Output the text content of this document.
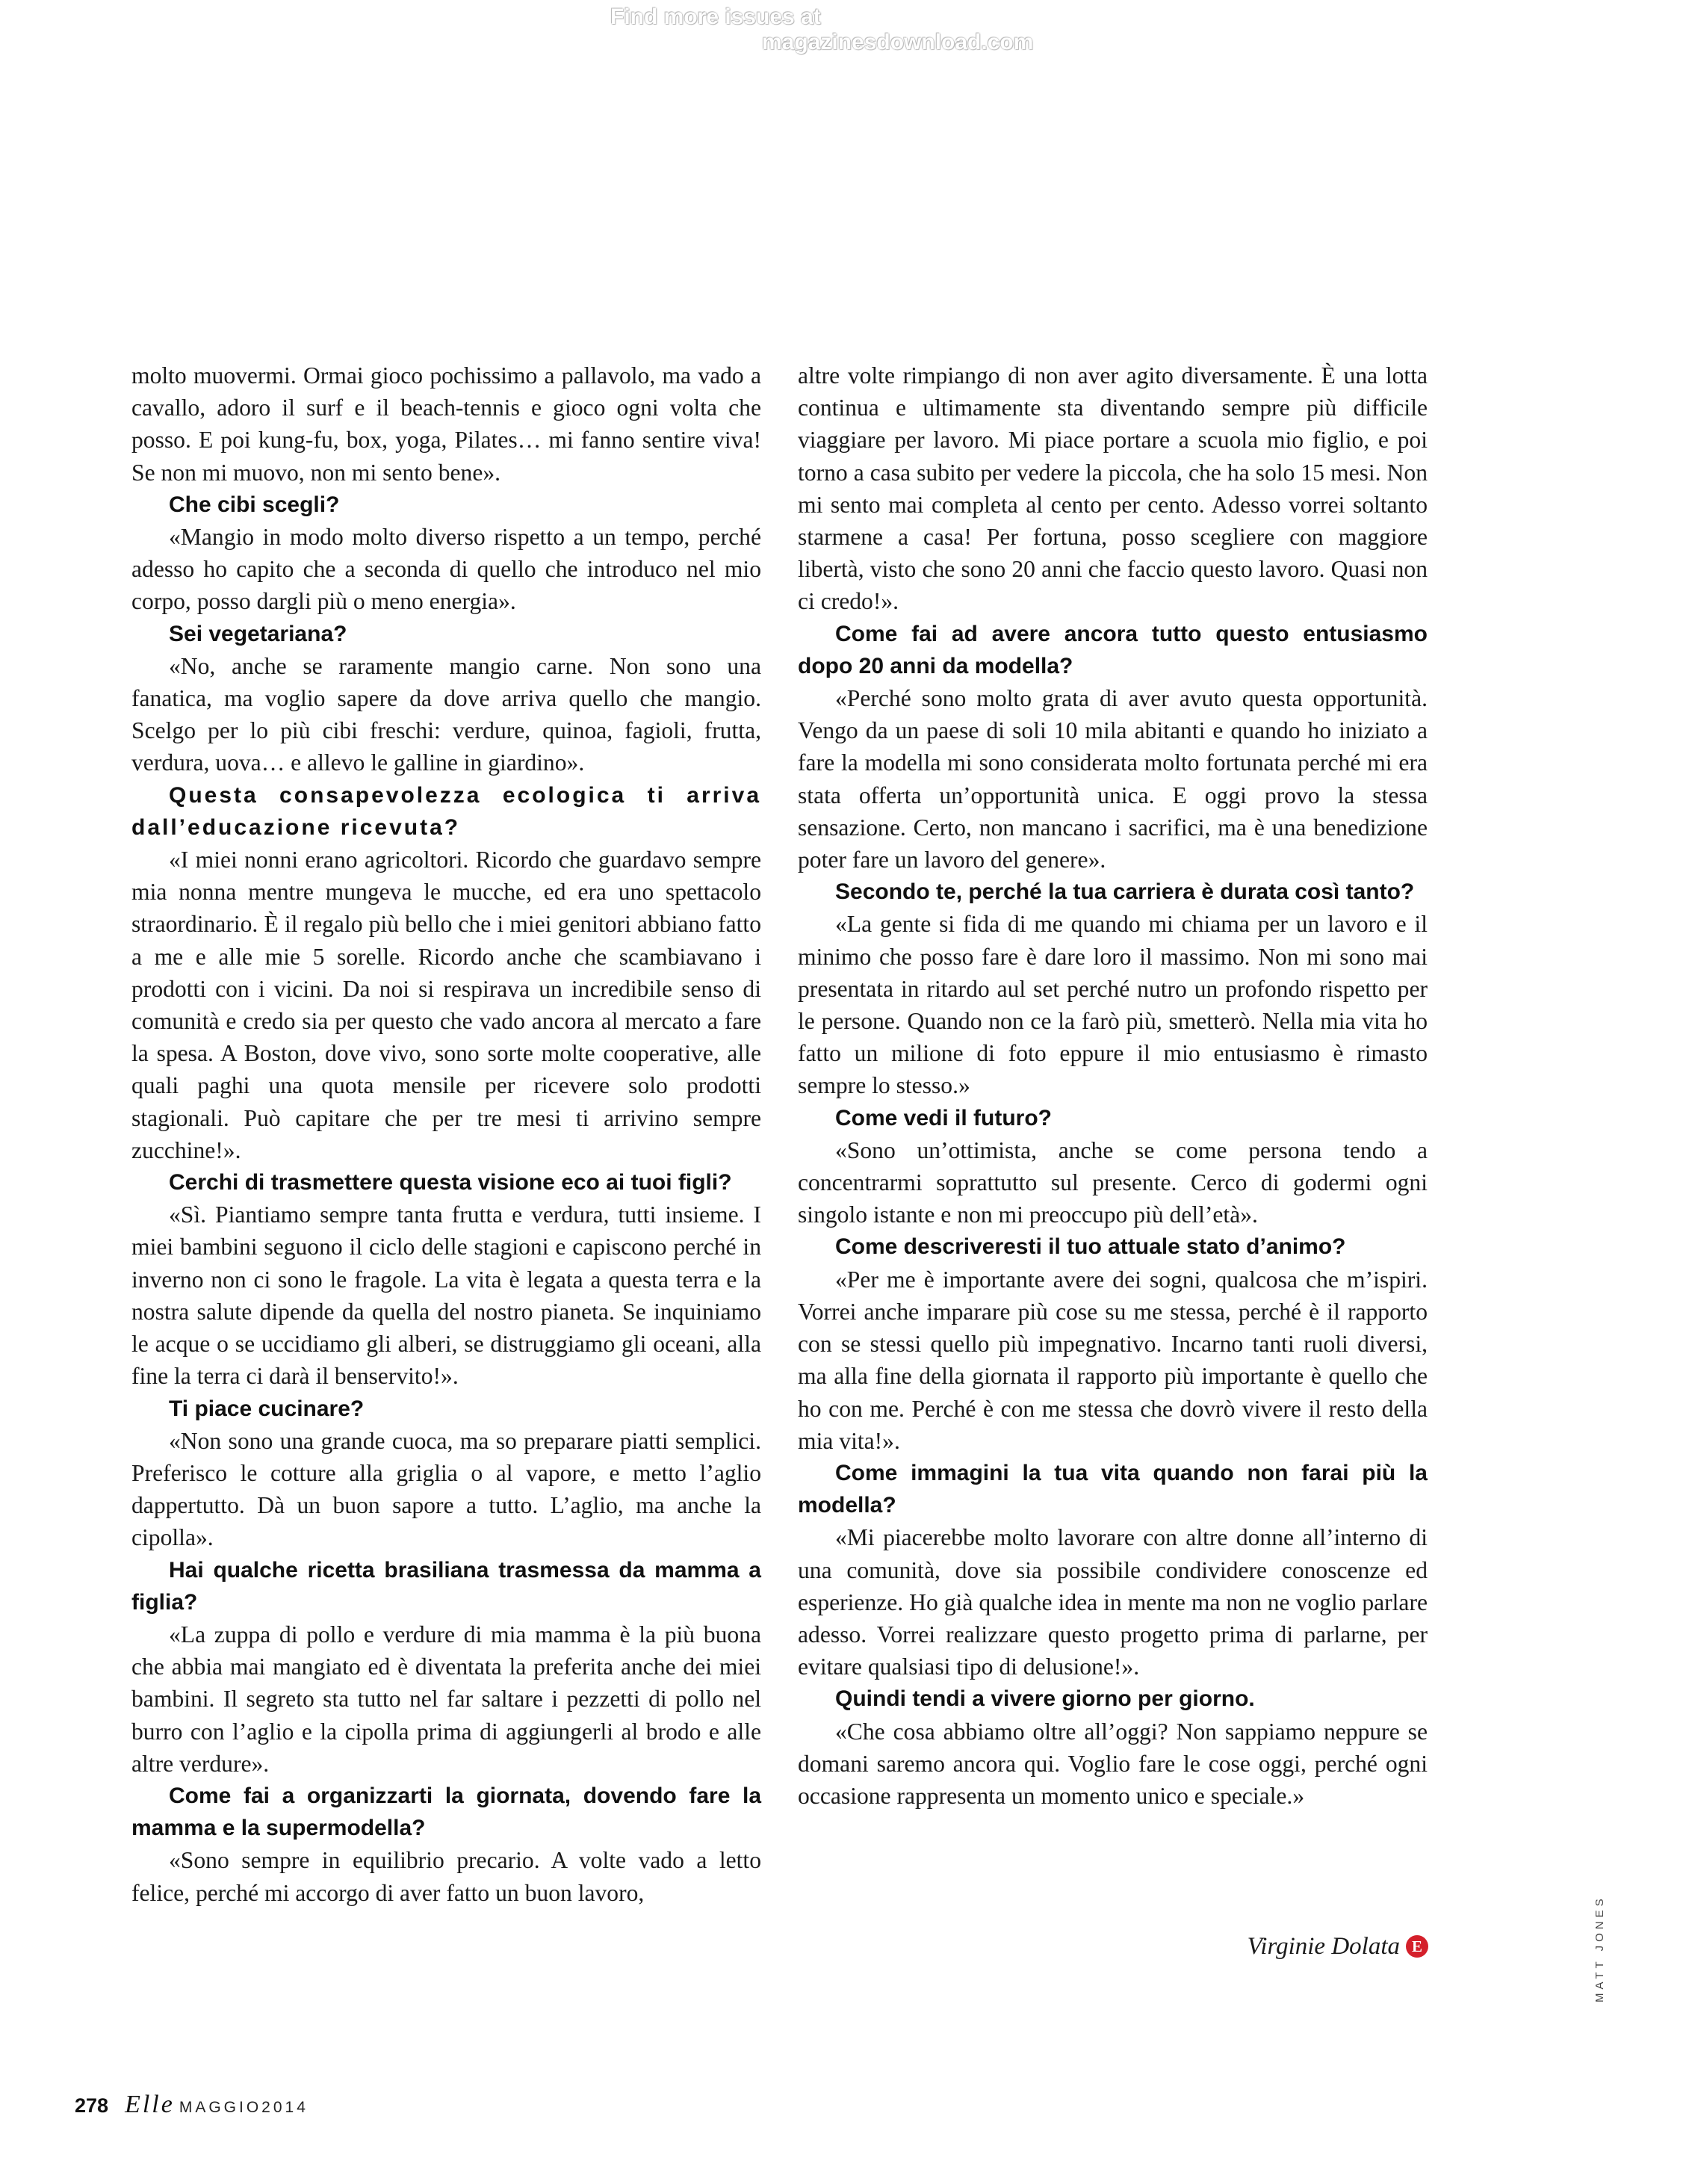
Find more issues at
magazinesdownload.com

molto muovermi. Ormai gioco pochissimo a pallavolo, ma vado a cavallo, adoro il surf e il beach-tennis e gioco ogni volta che posso. E poi kung-fu, box, yoga, Pilates… mi fanno sentire viva! Se non mi muovo, non mi sento bene».

Che cibi scegli?

«Mangio in modo molto diverso rispetto a un tempo, perché adesso ho capito che a seconda di quello che introduco nel mio corpo, posso dargli più o meno energia».

Sei vegetariana?

«No, anche se raramente mangio carne. Non sono una fanatica, ma voglio sapere da dove arriva quello che mangio. Scelgo per lo più cibi freschi: verdure, quinoa, fagioli, frutta, verdura, uova… e allevo le galline in giardino».

Questa consapevolezza ecologica ti arriva dall’educazione ricevuta?

«I miei nonni erano agricoltori. Ricordo che guardavo sempre mia nonna mentre mungeva le mucche, ed era uno spettacolo straordinario. È il regalo più bello che i miei genitori abbiano fatto a me e alle mie 5 sorelle. Ricordo anche che scambiavano i prodotti con i vicini. Da noi si respirava un incredibile senso di comunità e credo sia per questo che vado ancora al mercato a fare la spesa. A Boston, dove vivo, sono sorte molte cooperative, alle quali paghi una quota mensile per ricevere solo prodotti stagionali. Può capitare che per tre mesi ti arrivino sempre zucchine!».

Cerchi di trasmettere questa visione eco ai tuoi figli?

«Sì. Piantiamo sempre tanta frutta e verdura, tutti insieme. I miei bambini seguono il ciclo delle stagioni e capiscono perché in inverno non ci sono le fragole. La vita è legata a questa terra e la nostra salute dipende da quella del nostro pianeta. Se inquiniamo le acque o se uccidiamo gli alberi, se distruggiamo gli oceani, alla fine la terra ci darà il benservito!».

Ti piace cucinare?

«Non sono una grande cuoca, ma so preparare piatti semplici. Preferisco le cotture alla griglia o al vapore, e metto l’aglio dappertutto. Dà un buon sapore a tutto. L’aglio, ma anche la cipolla».

Hai qualche ricetta brasiliana trasmessa da mamma a figlia?

«La zuppa di pollo e verdure di mia mamma è la più buona che abbia mai mangiato ed è diventata la preferita anche dei miei bambini. Il segreto sta tutto nel far saltare i pezzetti di pollo nel burro con l’aglio e la cipolla prima di aggiungerli al brodo e alle altre verdure».

Come fai a organizzarti la giornata, dovendo fare la mamma e la supermodella?

«Sono sempre in equilibrio precario. A volte vado a letto felice, perché mi accorgo di aver fatto un buon lavoro,

altre volte rimpiango di non aver agito diversamente. È una lotta continua e ultimamente sta diventando sempre più difficile viaggiare per lavoro. Mi piace portare a scuola mio figlio, e poi torno a casa subito per vedere la piccola, che ha solo 15 mesi. Non mi sento mai completa al cento per cento. Adesso vorrei soltanto starmene a casa! Per fortuna, posso scegliere con maggiore libertà, visto che sono 20 anni che faccio questo lavoro. Quasi non ci credo!».

Come fai ad avere ancora tutto questo entusiasmo dopo 20 anni da modella?

«Perché sono molto grata di aver avuto questa opportunità. Vengo da un paese di soli 10 mila abitanti e quando ho iniziato a fare la modella mi sono considerata molto fortunata perché mi era stata offerta un’opportunità unica. E oggi provo la stessa sensazione. Certo, non mancano i sacrifici, ma è una benedizione poter fare un lavoro del genere».

Secondo te, perché la tua carriera è durata così tanto?

«La gente si fida di me quando mi chiama per un lavoro e il minimo che posso fare è dare loro il massimo. Non mi sono mai presentata in ritardo aul set perché nutro un profondo rispetto per le persone. Quando non ce la farò più, smetterò. Nella mia vita ho fatto un milione di foto eppure il mio entusiasmo è rimasto sempre lo stesso.»

Come vedi il futuro?

«Sono un’ottimista, anche se come persona tendo a concentrarmi soprattutto sul presente. Cerco di godermi ogni singolo istante e non mi preoccupo più dell’età».

Come descriveresti il tuo attuale stato d’animo?

«Per me è importante avere dei sogni, qualcosa che m’ispiri. Vorrei anche imparare più cose su me stessa, perché è il rapporto con se stessi quello più impegnativo. Incarno tanti ruoli diversi, ma alla fine della giornata il rapporto più importante è quello che ho con me. Perché è con me stessa che dovrò vivere il resto della mia vita!».

Come immagini la tua vita quando non farai più la modella?

«Mi piacerebbe molto lavorare con altre donne all’interno di una comunità, dove sia possibile condividere conoscenze ed esperienze. Ho già qualche idea in mente ma non ne voglio parlare adesso. Vorrei realizzare questo progetto prima di parlarne, per evitare qualsiasi tipo di delusione!».

Quindi tendi a vivere giorno per giorno.

«Che cosa abbiamo oltre all’oggi? Non sappiamo neppure se domani saremo ancora qui. Voglio fare le cose oggi, perché ogni occasione rappresenta un momento unico e speciale.»

Virginie Dolata E	MATT JONES
278 Elle MAGGIO2014
